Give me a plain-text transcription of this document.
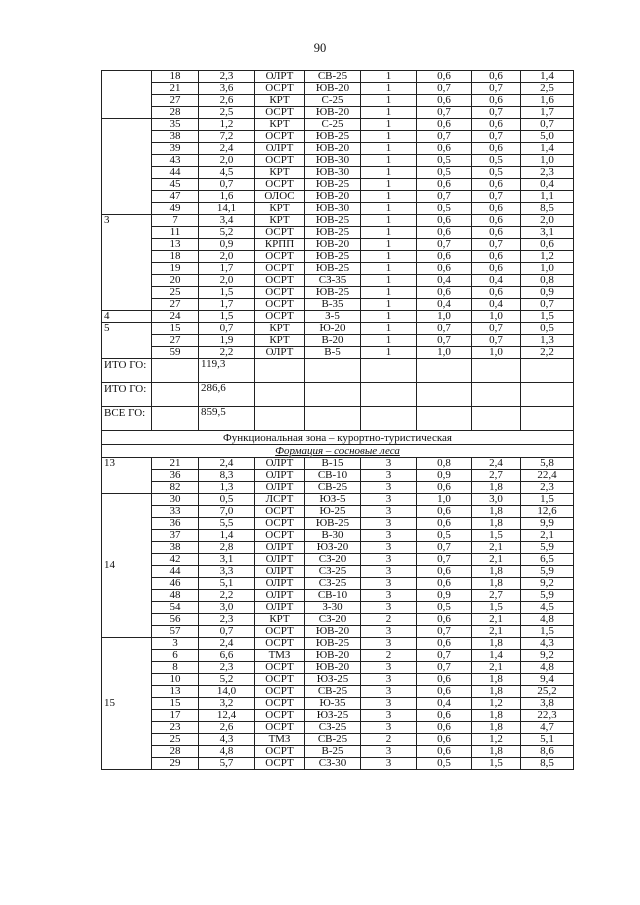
90
	18	2,3	ОЛРТ	СВ-25	1	0,6	0,6	1,4
	21	3,6	ОСРТ	ЮВ-20	1	0,7	0,7	2,5
	27	2,6	КРТ	С-25	1	0,6	0,6	1,6
	28	2,5	ОСРТ	ЮВ-20	1	0,7	0,7	1,7
	35	1,2	КРТ	С-25	1	0,6	0,6	0,7
	38	7,2	ОСРТ	ЮВ-25	1	0,7	0,7	5,0
	39	2,4	ОЛРТ	ЮВ-20	1	0,6	0,6	1,4
	43	2,0	ОСРТ	ЮВ-30	1	0,5	0,5	1,0
	44	4,5	КРТ	ЮВ-30	1	0,5	0,5	2,3
	45	0,7	ОСРТ	ЮВ-25	1	0,6	0,6	0,4
	47	1,6	ОЛОС	ЮВ-20	1	0,7	0,7	1,1
	49	14,1	КРТ	ЮВ-30	1	0,5	0,6	8,5
3	7	3,4	КРТ	ЮВ-25	1	0,6	0,6	2,0
	11	5,2	ОСРТ	ЮВ-25	1	0,6	0,6	3,1
	13	0,9	КРПП	ЮВ-20	1	0,7	0,7	0,6
	18	2,0	ОСРТ	ЮВ-25	1	0,6	0,6	1,2
	19	1,7	ОСРТ	ЮВ-25	1	0,6	0,6	1,0
	20	2,0	ОСРТ	СЗ-35	1	0,4	0,4	0,8
	25	1,5	ОСРТ	ЮВ-25	1	0,6	0,6	0,9
	27	1,7	ОСРТ	В-35	1	0,4	0,4	0,7
4	24	1,5	ОСРТ	З-5	1	1,0	1,0	1,5
5	15	0,7	КРТ	Ю-20	1	0,7	0,7	0,5
	27	1,9	КРТ	В-20	1	0,7	0,7	1,3
	59	2,2	ОЛРТ	В-5	1	1,0	1,0	2,2
ИТО ГО:		119,3						
ИТО ГО:		286,6						
ВСЕ ГО:		859,5						
Функциональная зона – курортно-туристическая								
Формация – сосновые леса								
13	21	2,4	ОЛРТ	В-15	3	0,8	2,4	5,8
	36	8,3	ОЛРТ	СВ-10	3	0,9	2,7	22,4
	82	1,3	ОЛРТ	СВ-25	3	0,6	1,8	2,3
14	30	0,5	ЛСРТ	ЮЗ-5	3	1,0	3,0	1,5
	33	7,0	ОСРТ	Ю-25	3	0,6	1,8	12,6
	36	5,5	ОСРТ	ЮВ-25	3	0,6	1,8	9,9
	37	1,4	ОСРТ	В-30	3	0,5	1,5	2,1
	38	2,8	ОЛРТ	ЮЗ-20	3	0,7	2,1	5,9
	42	3,1	ОЛРТ	СЗ-20	3	0,7	2,1	6,5
	44	3,3	ОЛРТ	СЗ-25	3	0,6	1,8	5,9
	46	5,1	ОЛРТ	СЗ-25	3	0,6	1,8	9,2
	48	2,2	ОЛРТ	СВ-10	3	0,9	2,7	5,9
	54	3,0	ОЛРТ	З-30	3	0,5	1,5	4,5
	56	2,3	КРТ	СЗ-20	2	0,6	2,1	4,8
	57	0,7	ОСРТ	ЮВ-20	3	0,7	2,1	1,5
15	3	2,4	ОСРТ	ЮВ-25	3	0,6	1,8	4,3
	6	6,6	ТМЗ	ЮВ-20	2	0,7	1,4	9,2
	8	2,3	ОСРТ	ЮВ-20	3	0,7	2,1	4,8
	10	5,2	ОСРТ	ЮЗ-25	3	0,6	1,8	9,4
	13	14,0	ОСРТ	СВ-25	3	0,6	1,8	25,2
	15	3,2	ОСРТ	Ю-35	3	0,4	1,2	3,8
	17	12,4	ОСРТ	ЮЗ-25	3	0,6	1,8	22,3
	23	2,6	ОСРТ	СЗ-25	3	0,6	1,8	4,7
	25	4,3	ТМЗ	СВ-25	2	0,6	1,2	5,1
	28	4,8	ОСРТ	В-25	3	0,6	1,8	8,6
	29	5,7	ОСРТ	СЗ-30	3	0,5	1,5	8,5
